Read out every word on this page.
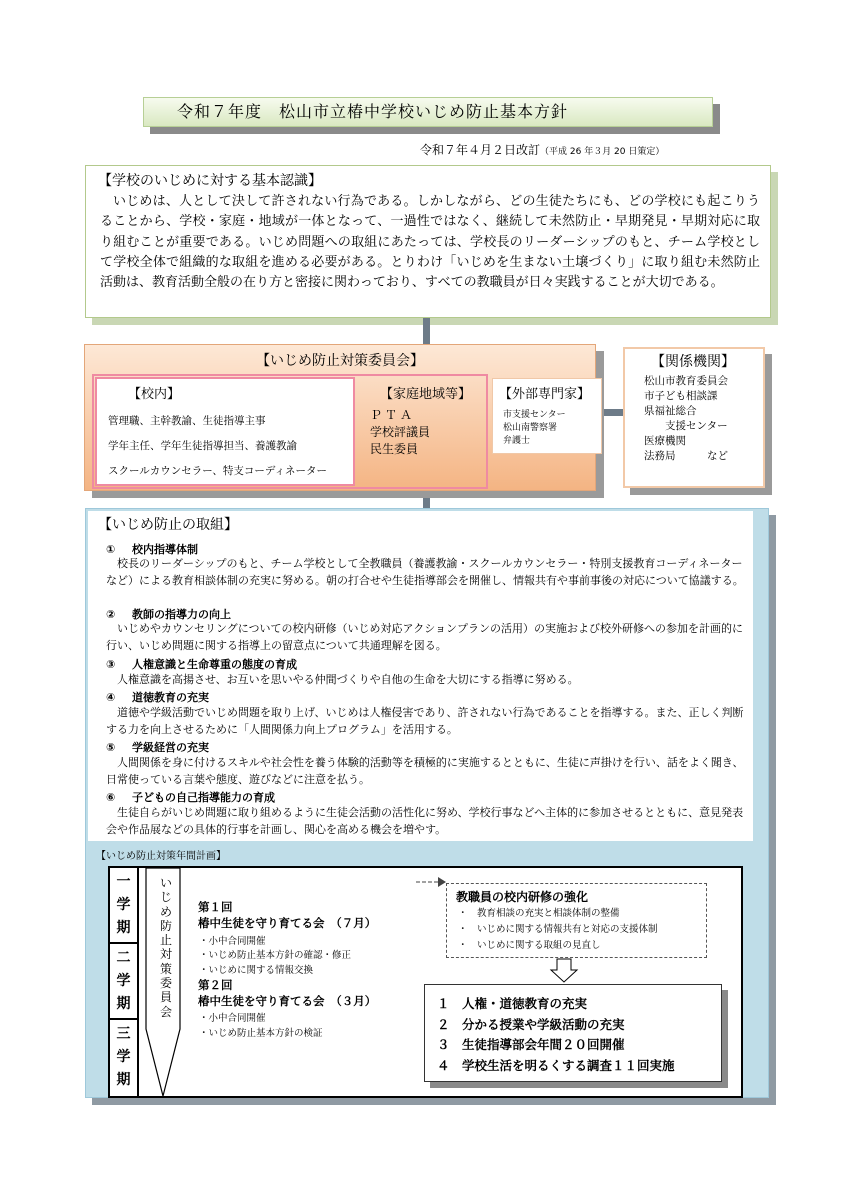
令和７年度　松山市立椿中学校いじめ防止基本方針
令和７年４月２日改訂（平成 26 年３月 20 日策定）
【学校のいじめに対する基本認識】
いじめは、人として決して許されない行為である。しかしながら、どの生徒たちにも、どの学校にも起こりうることから、学校・家庭・地域が一体となって、一過性ではなく、継続して未然防止・早期発見・早期対応に取り組むことが重要である。いじめ問題への取組にあたっては、学校長のリーダーシップのもと、チーム学校として学校全体で組織的な取組を進める必要がある。とりわけ「いじめを生まない土壌づくり」に取り組む未然防止活動は、教育活動全般の在り方と密接に関わっており、すべての教職員が日々実践することが大切である。
【いじめ防止対策委員会】
【校内】
管理職、主幹教諭、生徒指導主事
学年主任、学年生徒指導担当、養護教諭
スクールカウンセラー、特支コーディネーター
【家庭地域等】
ＰＴＡ
学校評議員
民生委員
【外部専門家】
市支援センター
松山南警察署
弁護士
【関係機関】
松山市教育委員会
市子ども相談課
県福祉総合
　　支援センター
医療機関
法務局　　　など
【いじめ防止の取組】
① 校内指導体制
校長のリーダーシップのもと、チーム学校として全教職員（養護教諭・スクールカウンセラー・特別支援教育コーディネーターなど）による教育相談体制の充実に努める。朝の打合せや生徒指導部会を開催し、情報共有や事前事後の対応について協議する。
② 教師の指導力の向上
いじめやカウンセリングについての校内研修（いじめ対応アクションプランの活用）の実施および校外研修への参加を計画的に行い、いじめ問題に関する指導上の留意点について共通理解を図る。
③ 人権意識と生命尊重の態度の育成
人権意識を高揚させ、お互いを思いやる仲間づくりや自他の生命を大切にする指導に努める。
④ 道徳教育の充実
道徳や学級活動でいじめ問題を取り上げ、いじめは人権侵害であり、許されない行為であることを指導する。また、正しく判断する力を向上させるために「人間関係力向上プログラム」を活用する。
⑤ 学級経営の充実
人間関係を身に付けるスキルや社会性を養う体験的活動等を積極的に実施するとともに、生徒に声掛けを行い、話をよく聞き、日常使っている言葉や態度、遊びなどに注意を払う。
⑥ 子どもの自己指導能力の育成
生徒自らがいじめ問題に取り組めるように生徒会活動の活性化に努め、学校行事などへ主体的に参加させるとともに、意見発表会や作品展などの具体的行事を計画し、関心を高める機会を増やす。
【いじめ防止対策年間計画】
一学期
二学期
三学期
いじめ防止対策委員会
第１回
椿中生徒を守り育てる会　（７月）
・小中合同開催
・いじめ防止基本方針の確認・修正
・いじめに関する情報交換
第２回
椿中生徒を守り育てる会　（３月）
・小中合同開催
・いじめ防止基本方針の検証
教職員の校内研修の強化
・　教育相談の充実と相談体制の整備
・　いじめに関する情報共有と対応の支援体制
・　いじめに関する取組の見直し
１　人権・道徳教育の充実
２　分かる授業や学級活動の充実
３　生徒指導部会年間２０回開催
４　学校生活を明るくする調査１１回実施
